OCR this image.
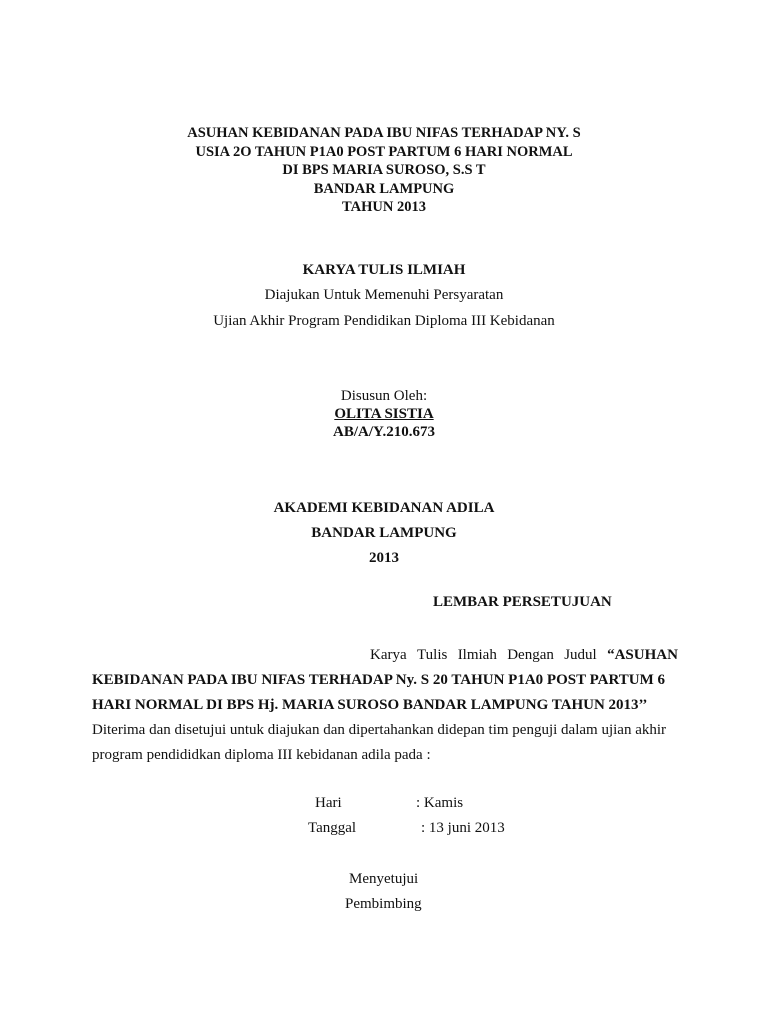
ASUHAN KEBIDANAN PADA IBU NIFAS TERHADAP NY. S
USIA 2O TAHUN P1A0 POST PARTUM 6 HARI NORMAL
DI BPS MARIA SUROSO, S.S T
BANDAR LAMPUNG
TAHUN 2013
KARYA TULIS ILMIAH
Diajukan Untuk Memenuhi Persyaratan
Ujian Akhir Program Pendidikan Diploma III Kebidanan
Disusun Oleh:
OLITA SISTIA
AB/A/Y.210.673
AKADEMI KEBIDANAN ADILA
BANDAR LAMPUNG
2013
LEMBAR PERSETUJUAN
Karya Tulis Ilmiah Dengan Judul “ASUHAN
KEBIDANAN PADA IBU NIFAS TERHADAP Ny. S 20 TAHUN P1A0 POST PARTUM 6
HARI NORMAL DI BPS Hj. MARIA SUROSO BANDAR LAMPUNG TAHUN 2013’’
Diterima dan disetujui untuk diajukan dan dipertahankan didepan tim penguji dalam ujian akhir
program pendididkan diploma III kebidanan adila pada :
Hari	: Kamis
Tanggal	: 13 juni 2013
Menyetujui
Pembimbing
